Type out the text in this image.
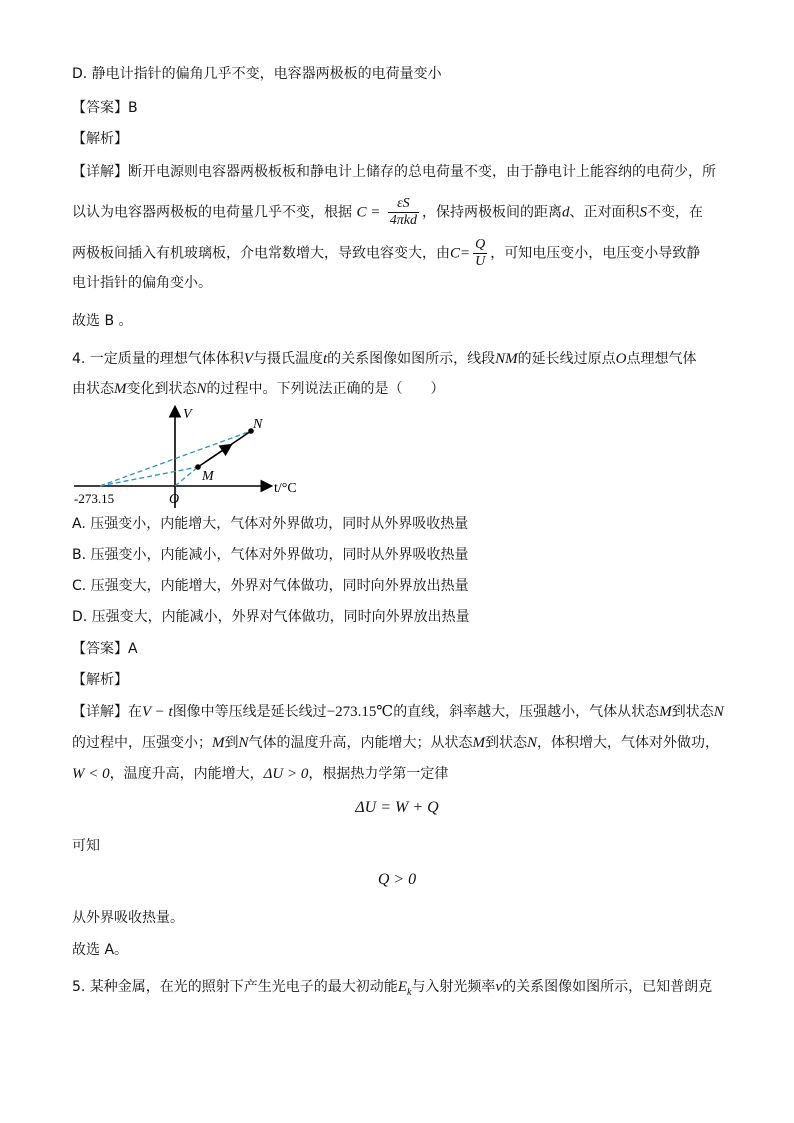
D. 静电计指针的偏角几乎不变，电容器两极板的电荷量变小
【答案】B
【解析】
【详解】断开电源则电容器两极板板和静电计上储存的总电荷量不变，由于静电计上能容纳的电荷少，所
以认为电容器两极板的电荷量几乎不变，根据 $C = \frac{\varepsilon S}{\text{4πkd}}$ ，保持两极板间的距离d、正对面积S不变，在
两极板间插入有机玻璃板，介电常数增大，导致电容变大，由$C= \frac{Q}{U}$ ，可知电压变小，电压变小导致静
电计指针的偏角变小。
故选 B 。
4. 一定质量的理想气体体积V与摄氏温度t的关系图像如图所示，线段NM的延长线过原点O点理想气体
由状态M变化到状态N的过程中。下列说法正确的是（　　）
V
N
M
O
t/°C
-273.15
A. 压强变小，内能增大，气体对外界做功，同时从外界吸收热量
B. 压强变小，内能减小，气体对外界做功，同时从外界吸收热量
C. 压强变大，内能增大，外界对气体做功，同时向外界放出热量
D. 压强变大，内能减小，外界对气体做功，同时向外界放出热量
【答案】A
【解析】
【详解】在V − t图像中等压线是延长线过−273.15℃的直线，斜率越大，压强越小，气体从状态M到状态N
的过程中，压强变小；M到N气体的温度升高，内能增大；从状态M到状态N，体积增大，气体对外做功，
W < 0，温度升高，内能增大，ΔU > 0，根据热力学第一定律
ΔU = W + Q
可知
Q > 0
从外界吸收热量。
故选 A。
5. 某种金属，在光的照射下产生光电子的最大初动能$E_k$与入射光频率v的关系图像如图所示，已知普朗克
